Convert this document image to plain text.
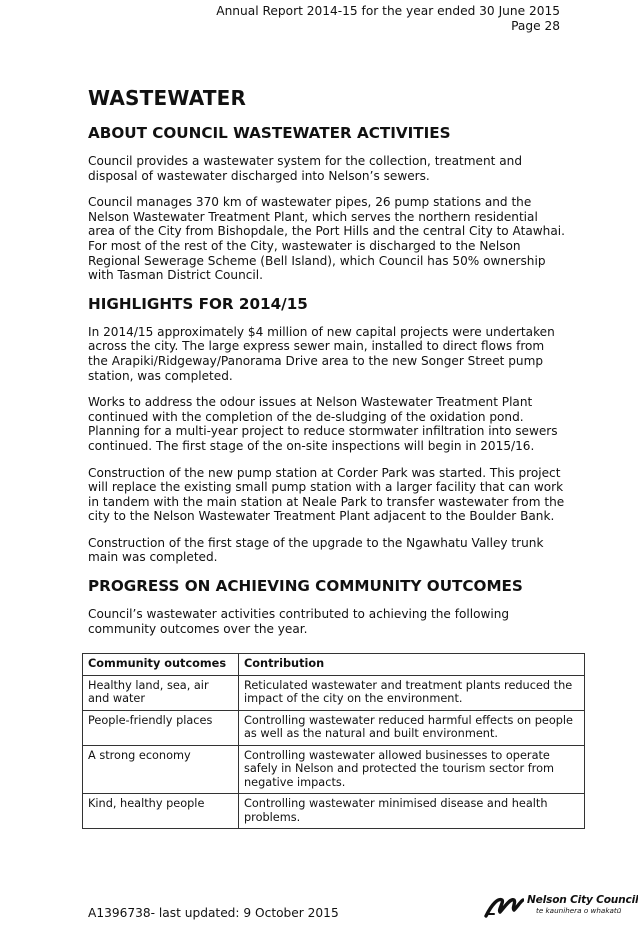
Annual Report 2014-15 for the year ended 30 June 2015
Page 28
WASTEWATER
ABOUT COUNCIL WASTEWATER ACTIVITIES

Council provides a wastewater system for the collection, treatment and disposal of wastewater discharged into Nelson’s sewers.

Council manages 370 km of wastewater pipes, 26 pump stations and the Nelson Wastewater Treatment Plant, which serves the northern residential area of the City from Bishopdale, the Port Hills and the central City to Atawhai. For most of the rest of the City, wastewater is discharged to the Nelson Regional Sewerage Scheme (Bell Island), which Council has 50% ownership with Tasman District Council.

HIGHLIGHTS FOR 2014/15

In 2014/15 approximately $4 million of new capital projects were undertaken across the city. The large express sewer main, installed to direct flows from the Arapiki/Ridgeway/Panorama Drive area to the new Songer Street pump station, was completed.

Works to address the odour issues at Nelson Wastewater Treatment Plant continued with the completion of the de-sludging of the oxidation pond. Planning for a multi-year project to reduce stormwater infiltration into sewers continued. The first stage of the on-site inspections will begin in 2015/16.

Construction of the new pump station at Corder Park was started. This project will replace the existing small pump station with a larger facility that can work in tandem with the main station at Neale Park to transfer wastewater from the city to the Nelson Wastewater Treatment Plant adjacent to the Boulder Bank.

Construction of the first stage of the upgrade to the Ngawhatu Valley trunk main was completed.

PROGRESS ON ACHIEVING COMMUNITY OUTCOMES

Council’s wastewater activities contributed to achieving the following community outcomes over the year.

Community outcomes	Contribution
Healthy land, sea, air and water	Reticulated wastewater and treatment plants reduced the impact of the city on the environment.
People-friendly places	Controlling wastewater reduced harmful effects on people as well as the natural and built environment.
A strong economy	Controlling wastewater allowed businesses to operate safely in Nelson and protected the tourism sector from negative impacts.
Kind, healthy people	Controlling wastewater minimised disease and health problems.
A1396738- last updated: 9 October 2015
Nelson City Council
te kaunihera o whakatū
